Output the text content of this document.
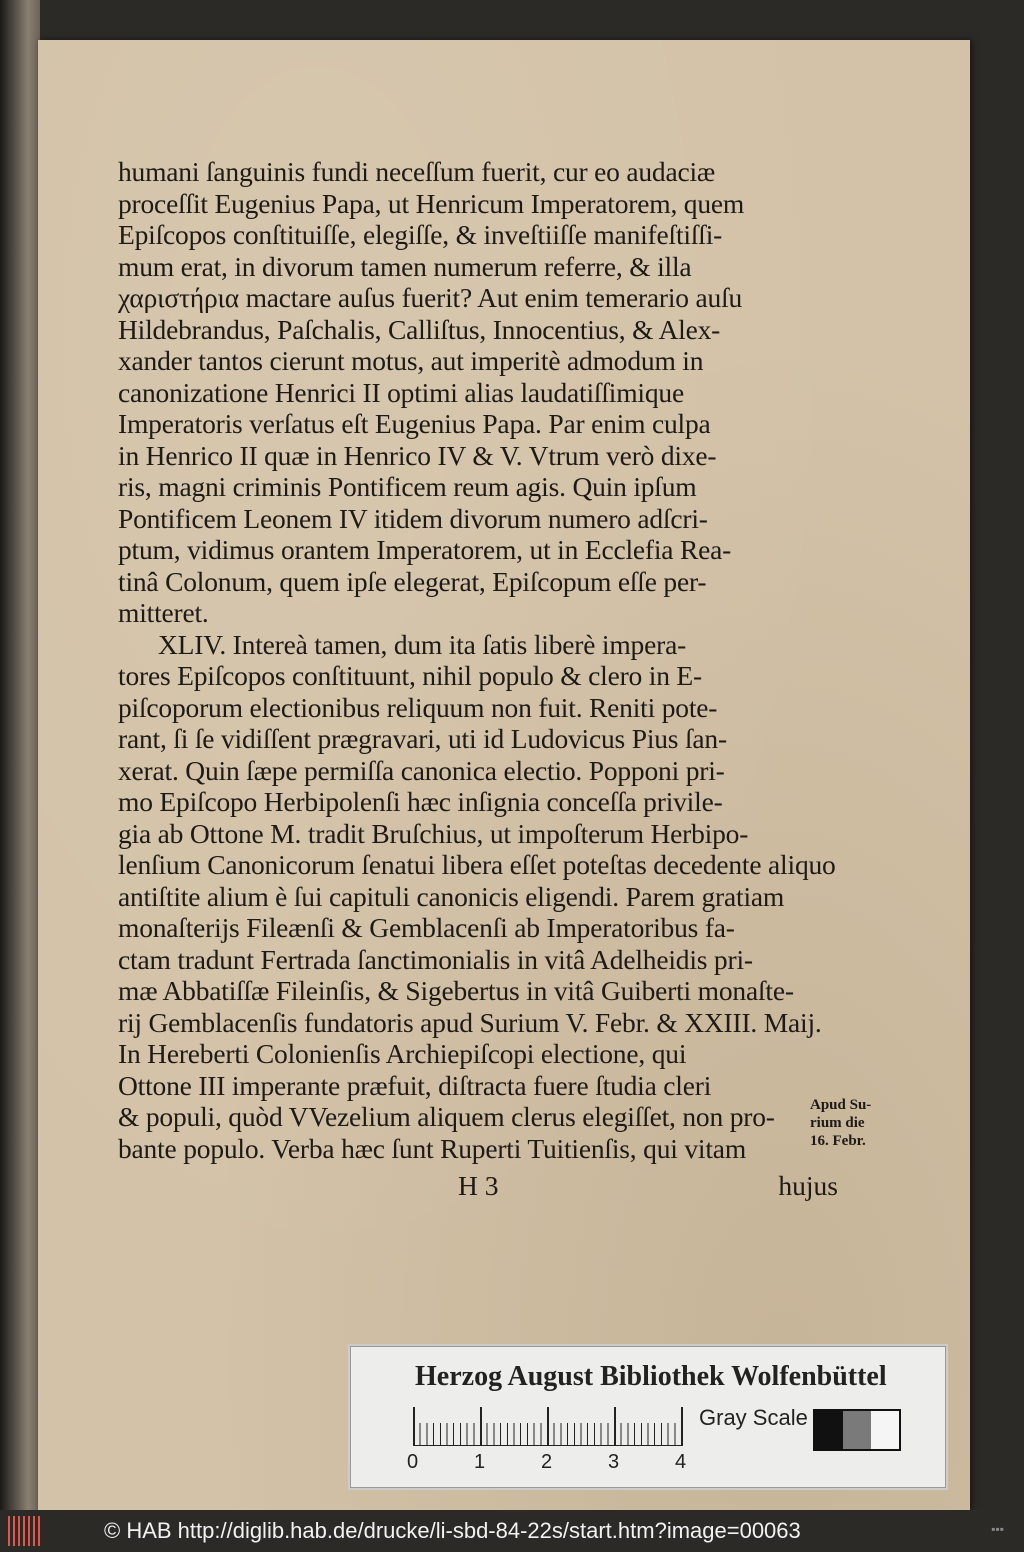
humani ſanguinis fundi neceſſum fuerit, cur eo audaciæ
proceſſit Eugenius Papa, ut Henricum Imperatorem, quem
Epiſcopos conſtituiſſe, elegiſſe, & inveſtiiſſe manifeſtiſſi-
mum erat, in divorum tamen numerum referre, & illa
χαριστήρια mactare auſus fuerit? Aut enim temerario auſu
Hildebrandus, Paſchalis, Calliſtus, Innocentius, & Alex-
xander tantos cierunt motus, aut imperitè admodum in
canonizatione Henrici II optimi alias laudatiſſimique
Imperatoris verſatus eſt Eugenius Papa. Par enim culpa
in Henrico II quæ in Henrico IV & V. Vtrum verò dixe-
ris, magni criminis Pontificem reum agis. Quin ipſum
Pontificem Leonem IV itidem divorum numero adſcri-
ptum, vidimus orantem Imperatorem, ut in Ecclefia Rea-
tinâ Colonum, quem ipſe elegerat, Epiſcopum eſſe per-
mitteret.
XLIV. Intereà tamen, dum ita ſatis liberè impera-
tores Epiſcopos conſtituunt, nihil populo & clero in E-
piſcoporum electionibus reliquum non fuit. Reniti pote-
rant, ſi ſe vidiſſent prægravari, uti id Ludovicus Pius ſan-
xerat. Quin ſæpe permiſſa canonica electio. Popponi pri-
mo Epiſcopo Herbipolenſi hæc inſignia conceſſa privile-
gia ab Ottone M. tradit Bruſchius, ut impoſterum Herbipo-
lenſium Canonicorum ſenatui libera eſſet poteſtas decedente aliquo
antiſtite alium è ſui capituli canonicis eligendi. Parem gratiam
monaſterijs Fileænſi & Gemblacenſi ab Imperatoribus fa-
ctam tradunt Fertrada ſanctimonialis in vitâ Adelheidis pri-
mæ Abbatiſſæ Fileinſis, & Sigebertus in vitâ Guiberti monaſte-
rij Gemblacenſis fundatoris apud Surium V. Febr. & XXIII. Maij.
In Hereberti Colonienſis Archiepiſcopi electione, qui
Ottone III imperante præfuit, diſtracta fuere ſtudia cleri
& populi, quòd VVezelium aliquem clerus elegiſſet, non pro-
bante populo. Verba hæc ſunt Ruperti Tuitienſis, qui vitam
Apud Su-
rium die
16. Febr.
H 3	hujus
Herzog August Bibliothek Wolfenbüttel
0	1	2	3	4
Gray Scale
© HAB http://diglib.hab.de/drucke/li-sbd-84-22s/start.htm?image=00063	▪▪▪
